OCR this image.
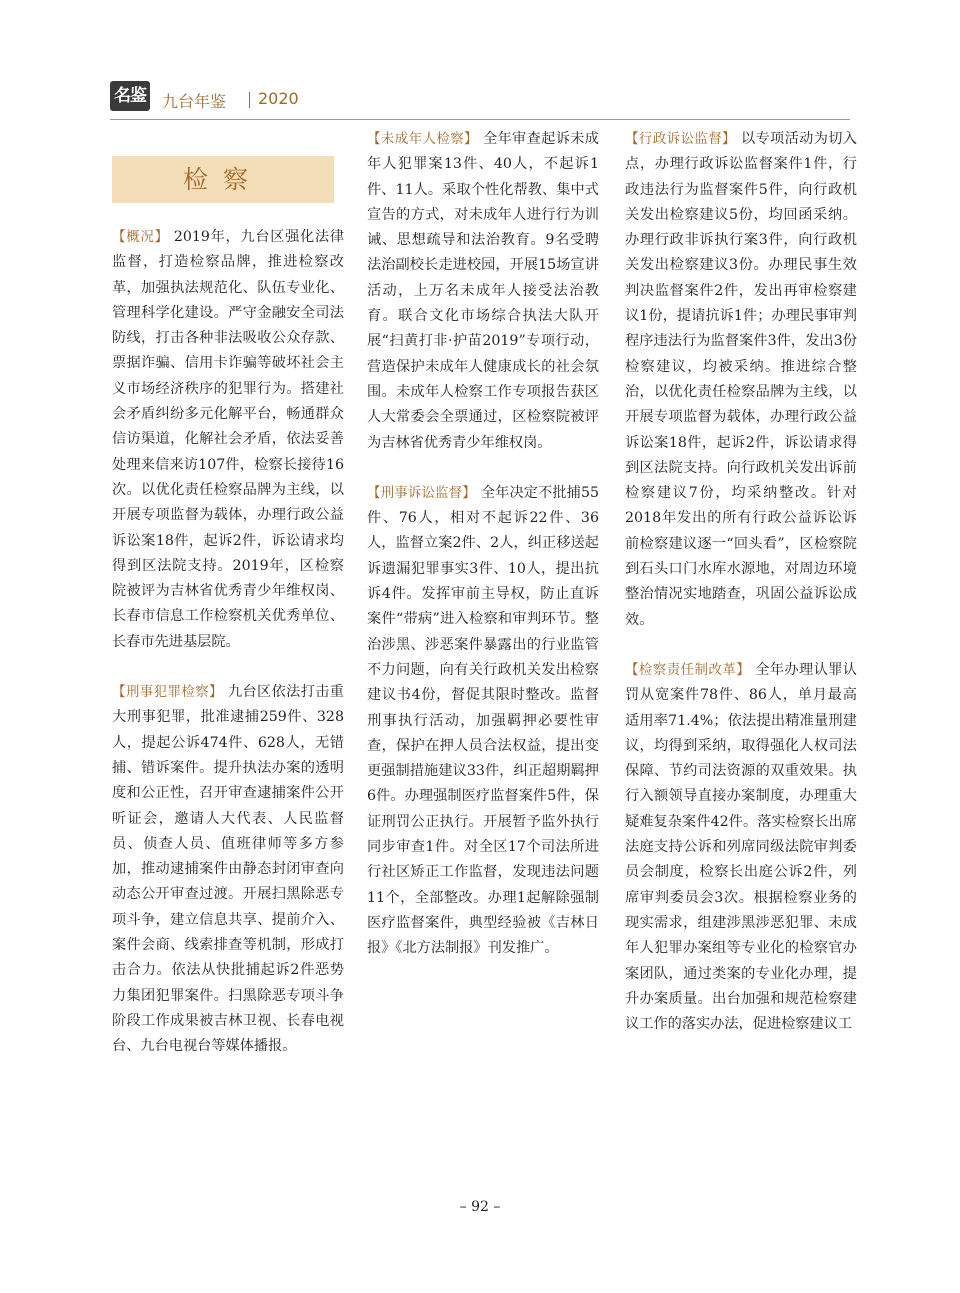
名鉴 九台年鉴 2020
检察

【概况】 2019年，九台区强化法律监督，打造检察品牌，推进检察改革，加强执法规范化、队伍专业化、管理科学化建设。严守金融安全司法防线，打击各种非法吸收公众存款、票据诈骗、信用卡诈骗等破坏社会主义市场经济秩序的犯罪行为。搭建社会矛盾纠纷多元化解平台，畅通群众信访渠道，化解社会矛盾，依法妥善处理来信来访107件，检察长接待16次。以优化责任检察品牌为主线，以开展专项监督为载体，办理行政公益诉讼案18件，起诉2件，诉讼请求均得到区法院支持。2019年，区检察院被评为吉林省优秀青少年维权岗、长春市信息工作检察机关优秀单位、长春市先进基层院。

【刑事犯罪检察】 九台区依法打击重大刑事犯罪，批准逮捕259件、328人，提起公诉474件、628人，无错捕、错诉案件。提升执法办案的透明度和公正性，召开审查逮捕案件公开听证会，邀请人大代表、人民监督员、侦查人员、值班律师等多方参加，推动逮捕案件由静态封闭审查向动态公开审查过渡。开展扫黑除恶专项斗争，建立信息共享、提前介入、案件会商、线索排查等机制，形成打击合力。依法从快批捕起诉2件恶势力集团犯罪案件。扫黑除恶专项斗争阶段工作成果被吉林卫视、长春电视台、九台电视台等媒体播报。

【未成年人检察】 全年审查起诉未成年人犯罪案13件、40人，不起诉1件、11人。采取个性化帮教、集中式宣告的方式，对未成年人进行行为训诫、思想疏导和法治教育。9名受聘法治副校长走进校园，开展15场宣讲活动，上万名未成年人接受法治教育。联合文化市场综合执法大队开展“扫黄打非·护苗2019”专项行动，营造保护未成年人健康成长的社会氛围。未成年人检察工作专项报告获区人大常委会全票通过，区检察院被评为吉林省优秀青少年维权岗。

【刑事诉讼监督】 全年决定不批捕55件、76人，相对不起诉22件、36人，监督立案2件、2人，纠正移送起诉遗漏犯罪事实3件、10人，提出抗诉4件。发挥审前主导权，防止直诉案件“带病”进入检察和审判环节。整治涉黑、涉恶案件暴露出的行业监管不力问题，向有关行政机关发出检察建议书4份，督促其限时整改。监督刑事执行活动，加强羁押必要性审查，保护在押人员合法权益，提出变更强制措施建议33件，纠正超期羁押6件。办理强制医疗监督案件5件，保证刑罚公正执行。开展暂予监外执行同步审查1件。对全区17个司法所进行社区矫正工作监督，发现违法问题11个，全部整改。办理1起解除强制医疗监督案件，典型经验被《吉林日报》《北方法制报》刊发推广。

【行政诉讼监督】 以专项活动为切入点，办理行政诉讼监督案件1件，行政违法行为监督案件5件，向行政机关发出检察建议5份，均回函采纳。办理行政非诉执行案3件，向行政机关发出检察建议3份。办理民事生效判决监督案件2件，发出再审检察建议1份，提请抗诉1件；办理民事审判程序违法行为监督案件3件，发出3份检察建议，均被采纳。推进综合整治，以优化责任检察品牌为主线，以开展专项监督为载体，办理行政公益诉讼案18件，起诉2件，诉讼请求得到区法院支持。向行政机关发出诉前检察建议7份，均采纳整改。针对2018年发出的所有行政公益诉讼诉前检察建议逐一“回头看”，区检察院到石头口门水库水源地，对周边环境整治情况实地踏查，巩固公益诉讼成效。

【检察责任制改革】 全年办理认罪认罚从宽案件78件、86人，单月最高适用率71.4%；依法提出精准量刑建议，均得到采纳，取得强化人权司法保障、节约司法资源的双重效果。执行入额领导直接办案制度，办理重大疑难复杂案件42件。落实检察长出席法庭支持公诉和列席同级法院审判委员会制度，检察长出庭公诉2件，列席审判委员会3次。根据检察业务的现实需求，组建涉黑涉恶犯罪、未成年人犯罪办案组等专业化的检察官办案团队，通过类案的专业化办理，提升办案质量。出台加强和规范检察建议工作的落实办法，促进检察建议工

– 92 –
